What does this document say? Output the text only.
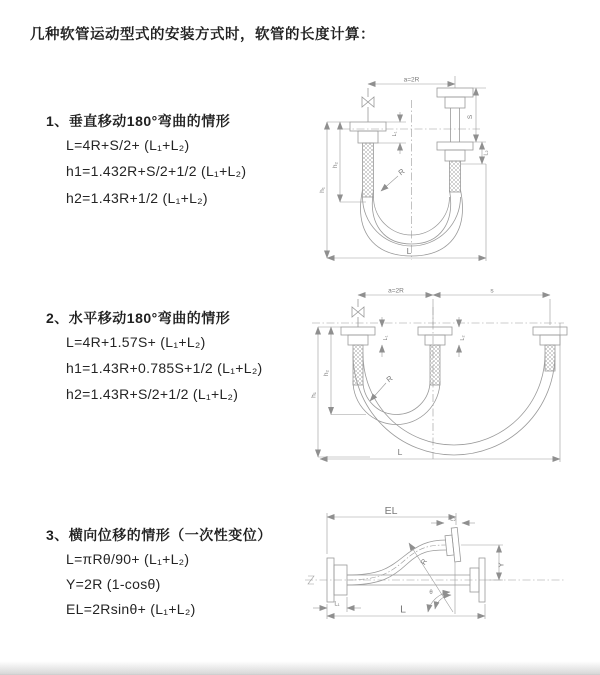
几种软管运动型式的安装方式时，软管的长度计算：
1、垂直移动180°弯曲的情形
L=4R+S/2+ (L₁+L₂)
h1=1.432R+S/2+1/2 (L₁+L₂)
h2=1.43R+1/2 (L₁+L₂)
a=2R
L₁
S
L₂
h₁
h₂
R
L
2、水平移动180°弯曲的情形
L=4R+1.57S+ (L₁+L₂)
h1=1.43R+0.785S+1/2 (L₁+L₂)
h2=1.43R+S/2+1/2 (L₁+L₂)
a=2R	s
L₁	L₂
h₁
h₂
R
L
3、横向位移的情形（一次性变位）
L=πRθ/90+ (L₁+L₂)
Y=2R (1-cosθ)
EL=2Rsinθ+ (L₁+L₂)
EL
L₂
Y
R
θ
L
L₁
